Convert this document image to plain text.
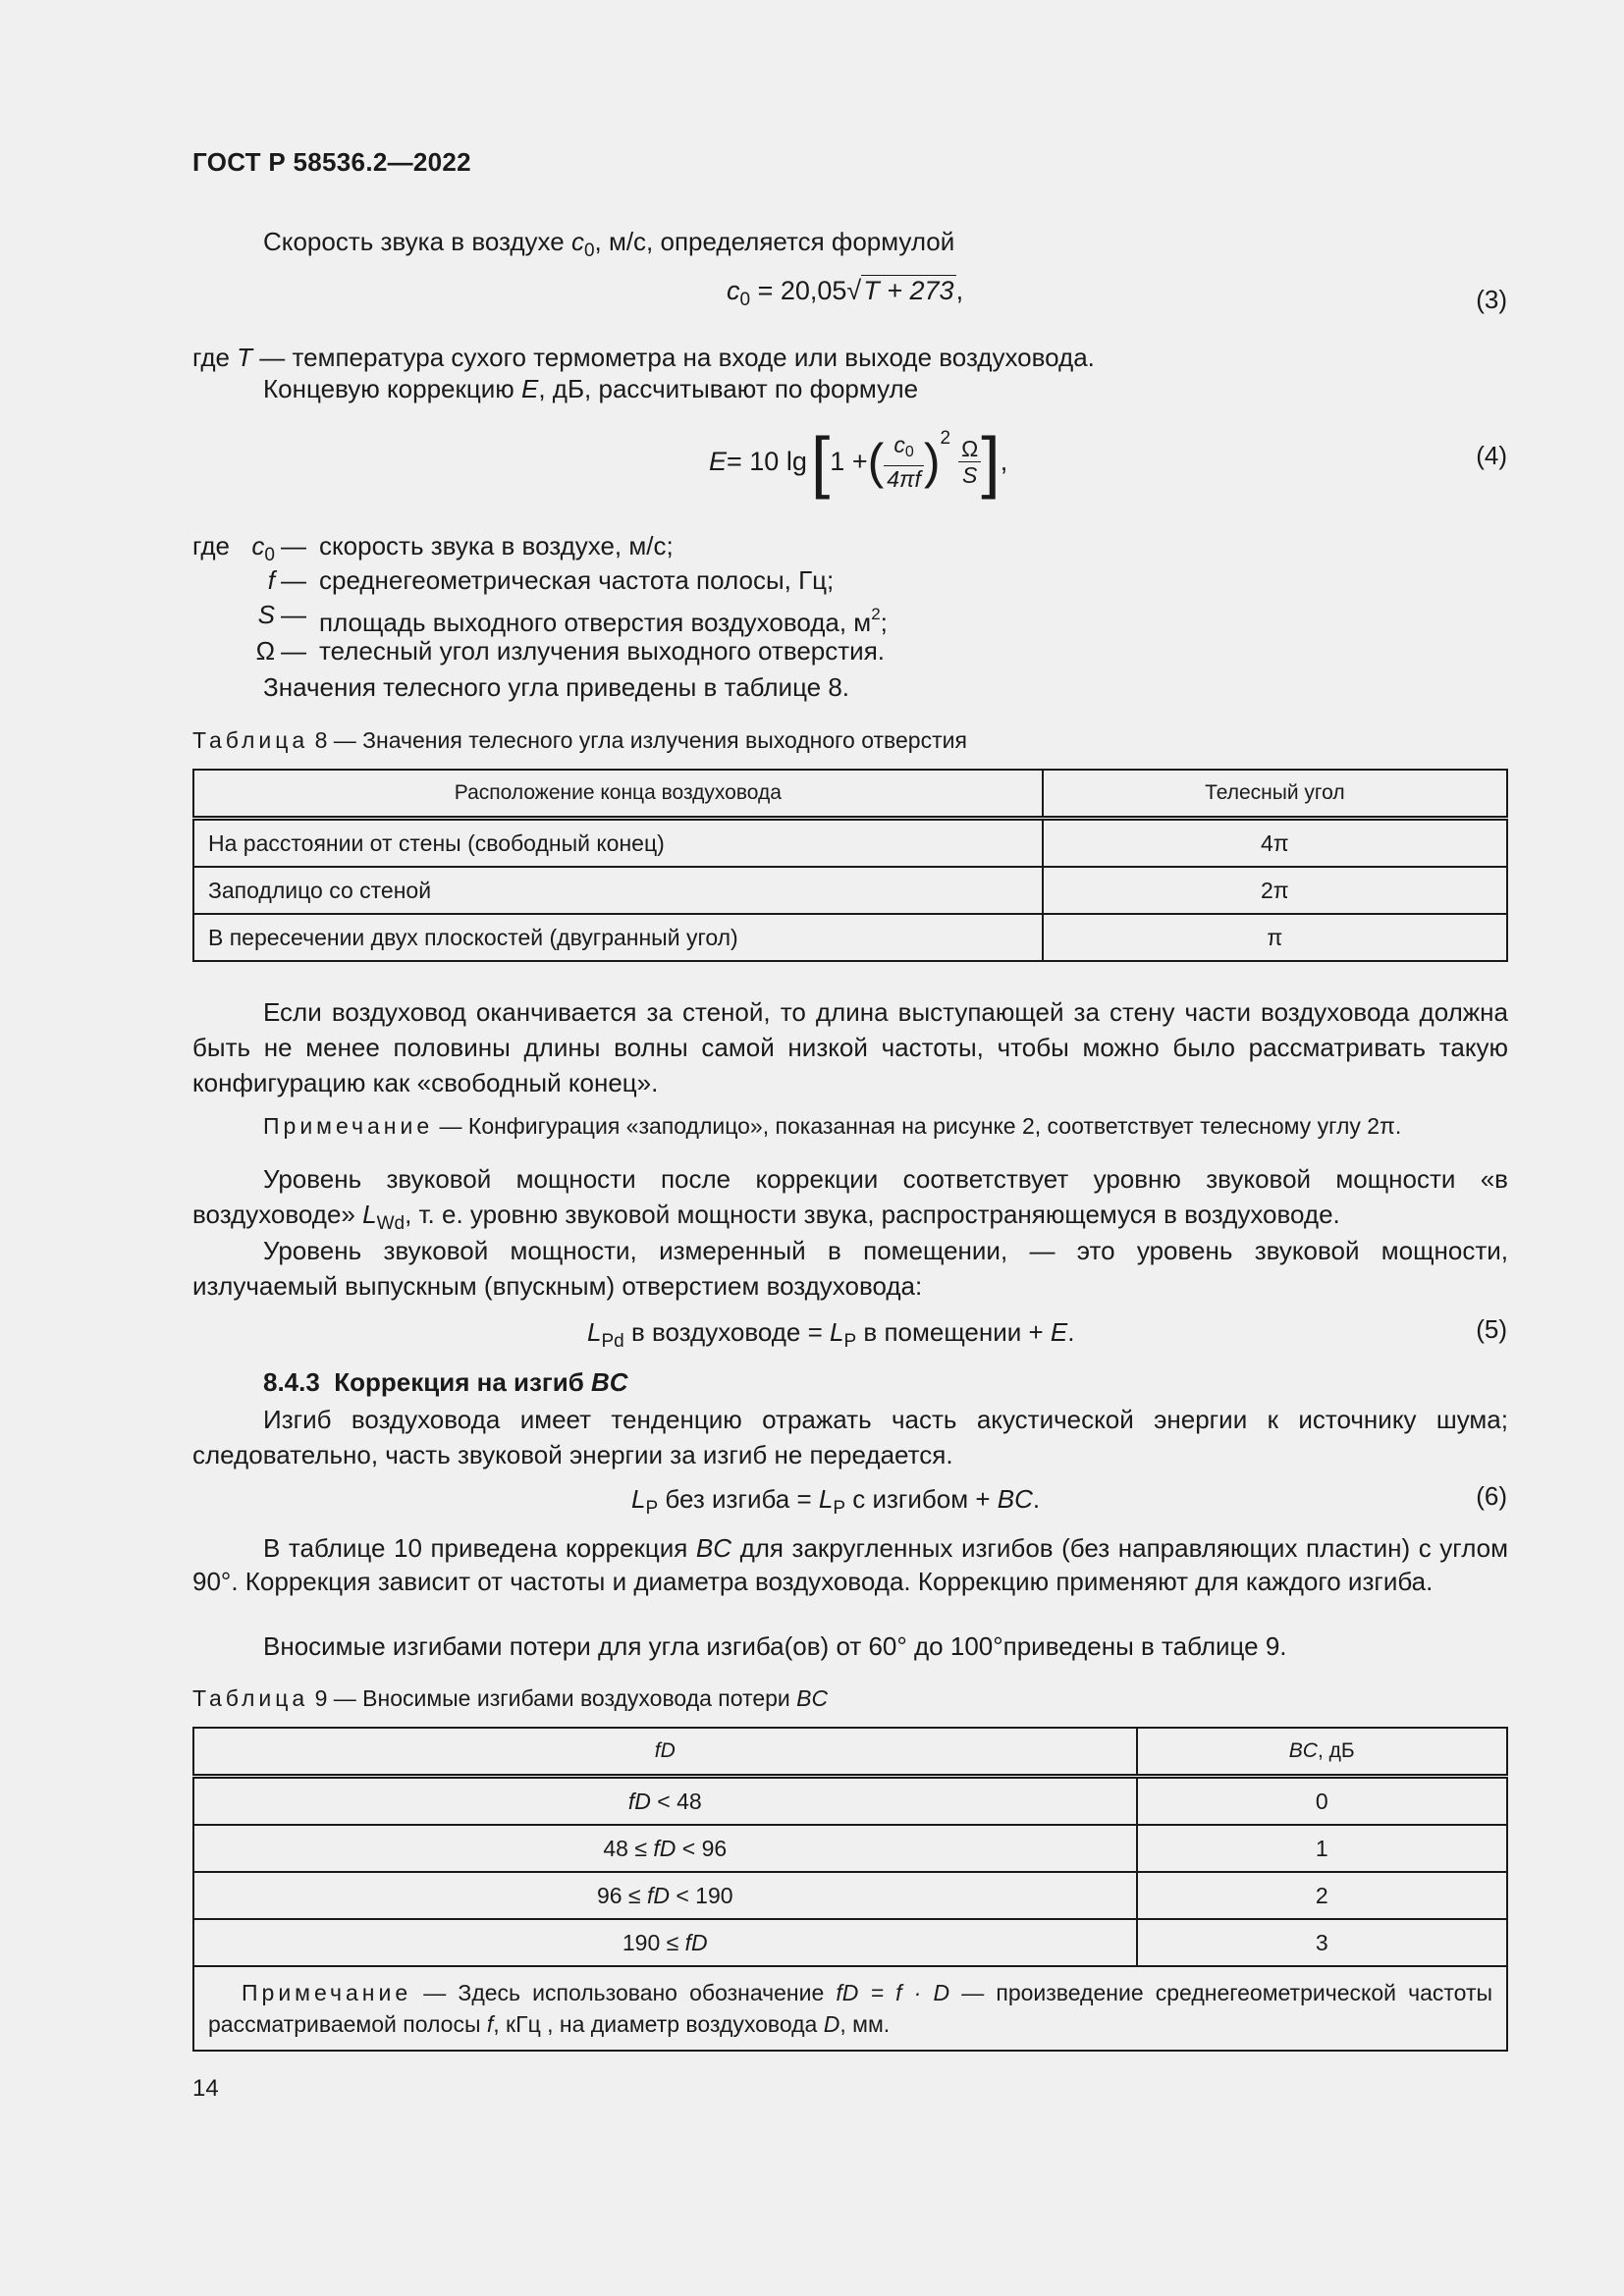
ГОСТ Р 58536.2—2022
Скорость звука в воздухе $c_0$, м/с, определяется формулой
$c_0 = 20,05√T + 273$,	(3)
где T — температура сухого термометра на входе или выходе воздуховода.
Концевую коррекцию E, дБ, рассчитывают по формуле
E = 10 lg [ 1 + ( $\frac{c0}{4\pi f}$ ) $2 \frac{\Omega}{S}$ ] ,	(4)
где $c_0$ — скорость звука в воздухе, м/с;
f — среднегеометрическая частота полосы, Гц;
S — площадь выходного отверстия воздуховода, $м^2$;
Ω — телесный угол излучения выходного отверстия.
Значения телесного угла приведены в таблице 8.
Таблица 8 — Значения телесного угла излучения выходного отверстия
Расположение конца воздуховода	Телесный угол
На расстоянии от стены (свободный конец)	4π
Заподлицо со стеной	2π
В пересечении двух плоскостей (двугранный угол)	π
Если воздуховод оканчивается за стеной, то длина выступающей за стену части воздуховода должна быть не менее половины длины волны самой низкой частоты, чтобы можно было рассматривать такую конфигурацию как «свободный конец».
Примечание — Конфигурация «заподлицо», показанная на рисунке 2, соответствует телесному углу 2π.
Уровень звуковой мощности после коррекции соответствует уровню звуковой мощности «в воздуховоде» $L_{Wd}$, т. е. уровню звуковой мощности звука, распространяющемуся в воздуховоде.
Уровень звуковой мощности, измеренный в помещении, — это уровень звуковой мощности, излучаемый выпускным (впускным) отверстием воздуховода:
$L_{Pd}$ в воздуховоде = $L_P$ в помещении + E.	(5)
8.4.3 Коррекция на изгиб BC
Изгиб воздуховода имеет тенденцию отражать часть акустической энергии к источнику шума; следовательно, часть звуковой энергии за изгиб не передается.
$L_P$ без изгиба = $L_P$ с изгибом + BC.	(6)
В таблице 10 приведена коррекция BC для закругленных изгибов (без направляющих пластин) с углом 90°. Коррекция зависит от частоты и диаметра воздуховода. Коррекцию применяют для каждого изгиба.
Вносимые изгибами потери для угла изгиба(ов) от 60° до 100°приведены в таблице 9.
Таблица 9 — Вносимые изгибами воздуховода потери BC
fD	BC, дБ
fD < 48	0
48 ≤ fD < 96	1
96 ≤ fD < 190	2
190 ≤ fD	3
Примечание — Здесь использовано обозначение fD = f · D — произведение среднегеометрической частоты рассматриваемой полосы f, кГц , на диаметр воздуховода D, мм.	
14
